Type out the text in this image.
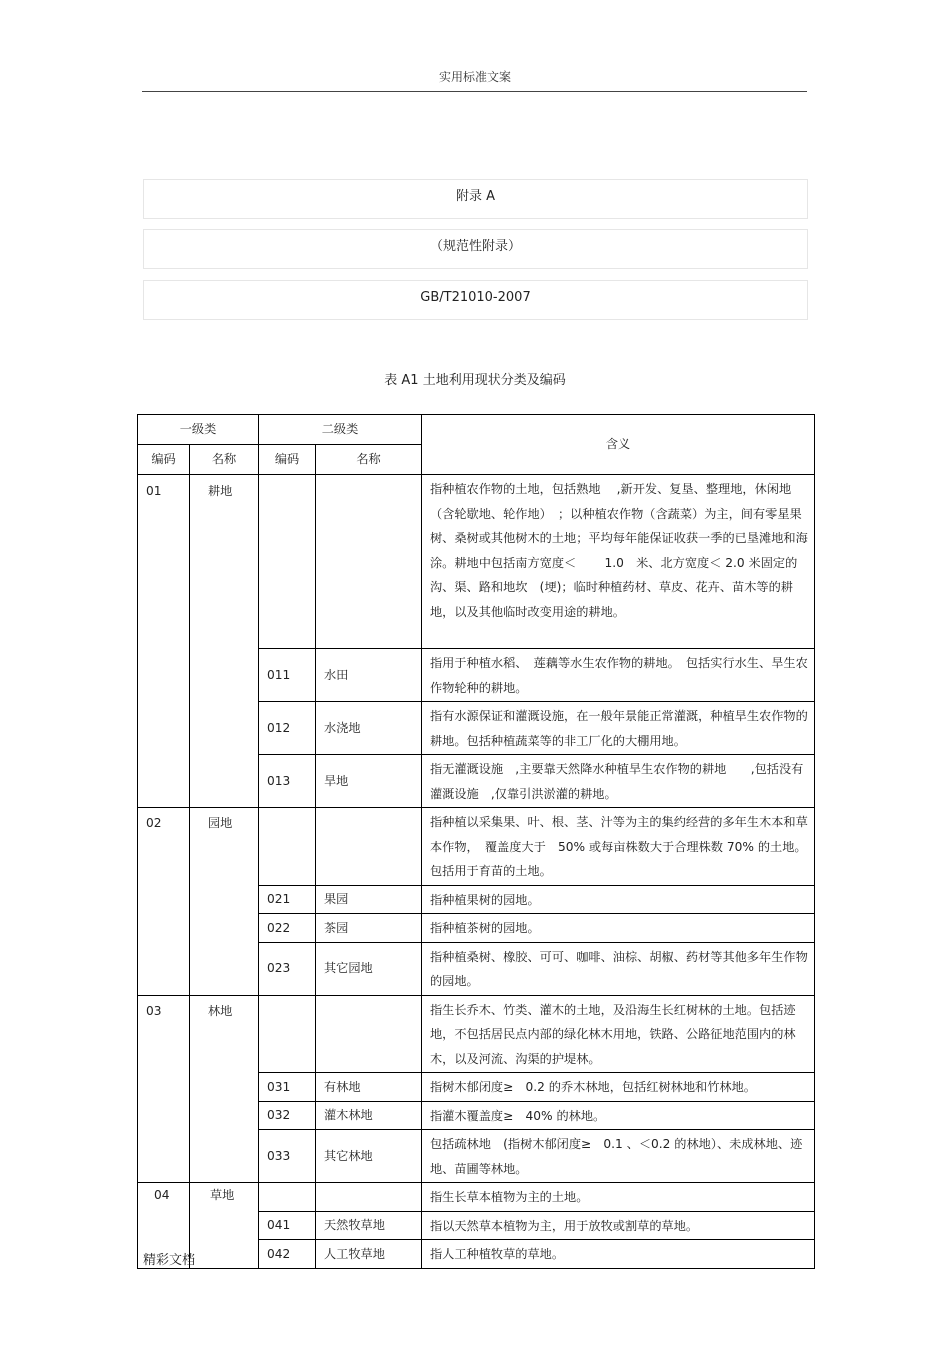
实用标准文案
附录 A
（规范性附录）
GB/T21010-2007
表 A1 土地利用现状分类及编码
一级类		二级类		含义
编码	名称	编码	名称	
01	耕地			指种植农作物的土地，包括熟地　 ,新开发、复垦、整理地，休闲地（含轮歇地、轮作地）　；以种植农作物（含蔬菜）为主，间有零星果树、桑树或其他树木的土地；平均每年能保证收获一季的已垦滩地和海涂。耕地中包括南方宽度＜　　 1.0　米、北方宽度＜ 2.0 米固定的沟、渠、路和地坎　(埂)；临时种植药材、草皮、花卉、苗木等的耕地，以及其他临时改变用途的耕地。
		011	水田	指用于种植水稻、　莲藕等水生农作物的耕地。　包括实行水生、旱生农作物轮种的耕地。
		012	水浇地	指有水源保证和灌溉设施，在一般年景能正常灌溉，种植旱生农作物的耕地。包括种植蔬菜等的非工厂化的大棚用地。
		013	旱地	指无灌溉设施　,主要靠天然降水种植旱生农作物的耕地　　,包括没有灌溉设施　,仅靠引洪淤灌的耕地。
02	园地			指种植以采集果、叶、根、茎、汁等为主的集约经营的多年生木本和草本作物，　覆盖度大于　50% 或每亩株数大于合理株数 70% 的土地。包括用于育苗的土地。
		021	果园	指种植果树的园地。
		022	茶园	指种植茶树的园地。
		023	其它园地	指种植桑树、橡胶、可可、咖啡、油棕、胡椒、药材等其他多年生作物的园地。
03	林地			指生长乔木、竹类、灌木的土地，及沿海生长红树林的土地。包括迹地，不包括居民点内部的绿化林木用地，铁路、公路征地范围内的林木，以及河流、沟渠的护堤林。
		031	有林地	指树木郁闭度≥　0.2 的乔木林地，包括红树林地和竹林地。
		032	灌木林地	指灌木覆盖度≥　40% 的林地。
		033	其它林地	包括疏林地　(指树木郁闭度≥　0.1 、＜0.2 的林地）、未成林地、迹地、苗圃等林地。
04	草地			指生长草本植物为主的土地。
		041	天然牧草地	指以天然草本植物为主，用于放牧或割草的草地。
		042	人工牧草地	指人工种植牧草的草地。
精彩文档
